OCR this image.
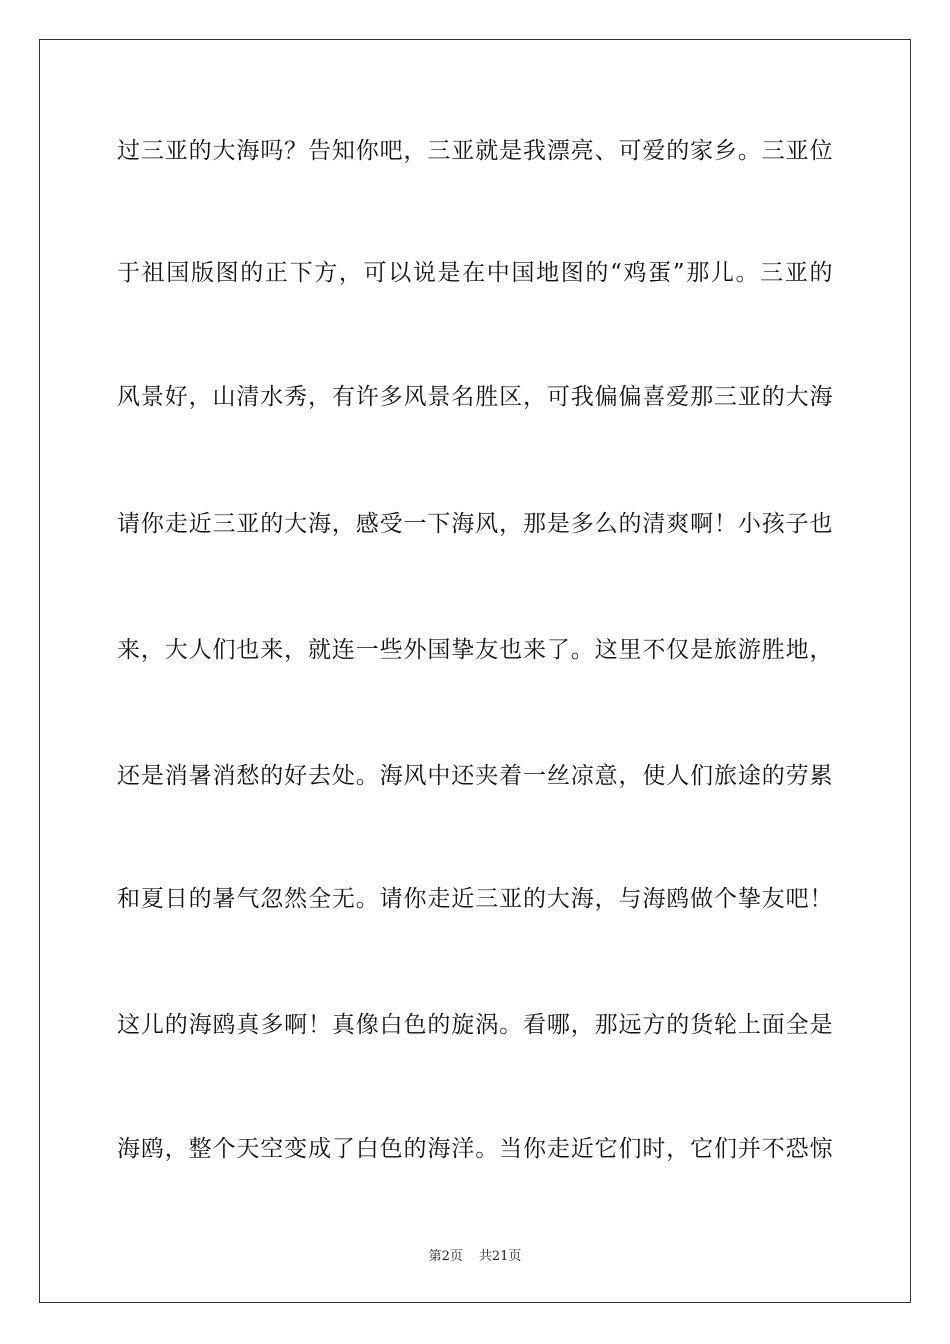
过三亚的大海吗？告知你吧，三亚就是我漂亮、可爱的家乡。三亚位
于祖国版图的正下方，可以说是在中国地图的“鸡蛋”那儿。三亚的
风景好，山清水秀，有许多风景名胜区，可我偏偏喜爱那三亚的大海
请你走近三亚的大海，感受一下海风，那是多么的清爽啊！小孩子也
来，大人们也来，就连一些外国挚友也来了。这里不仅是旅游胜地，
还是消暑消愁的好去处。海风中还夹着一丝凉意，使人们旅途的劳累
和夏日的暑气忽然全无。请你走近三亚的大海，与海鸥做个挚友吧！
这儿的海鸥真多啊！真像白色的旋涡。看哪，那远方的货轮上面全是
海鸥，整个天空变成了白色的海洋。当你走近它们时，它们并不恐惊
第2页 共21页
